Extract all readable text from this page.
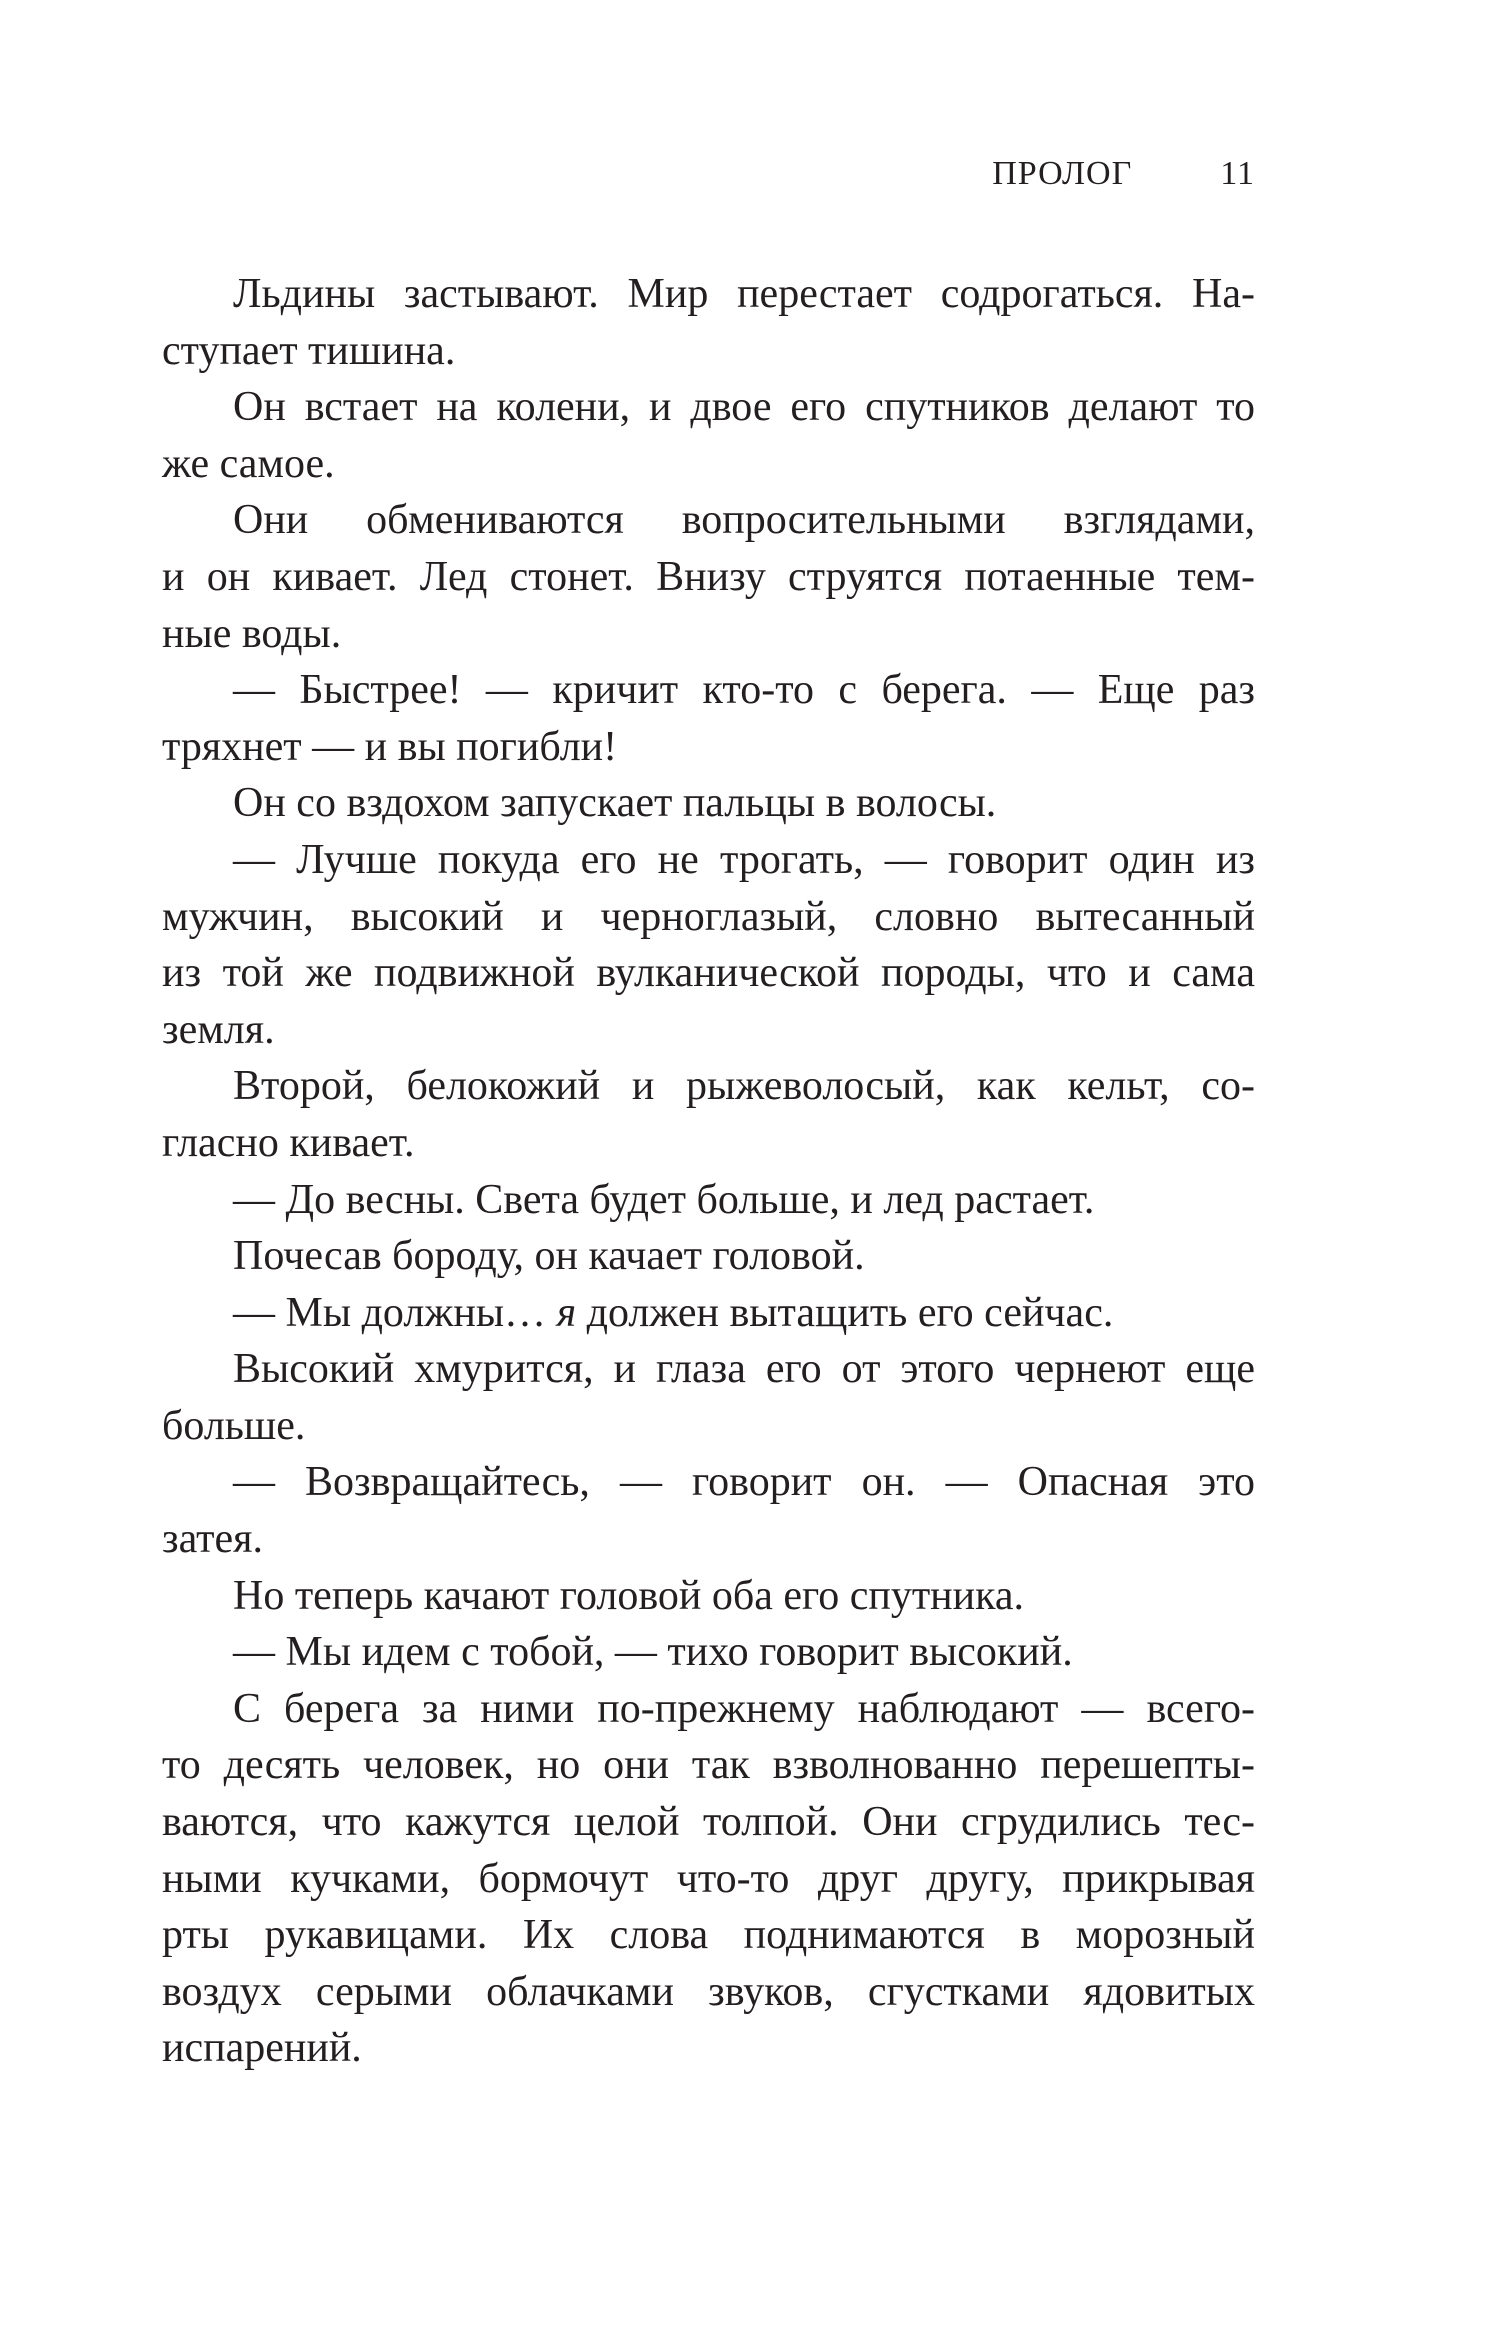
ПРОЛОГ	11
Льдины застывают. Мир перестает содрогаться. На-
ступает тишина.
Он встает на колени, и двое его спутников делают то
же самое.
Они обмениваются вопросительными взглядами,
и он кивает. Лед стонет. Внизу струятся потаенные тем-
ные воды.
— Быстрее! — кричит кто-то с берега. — Еще раз
тряхнет — и вы погибли!
Он со вздохом запускает пальцы в волосы.
— Лучше покуда его не трогать, — говорит один из
мужчин, высокий и черноглазый, словно вытесанный
из той же подвижной вулканической породы, что и сама
земля.
Второй, белокожий и рыжеволосый, как кельт, со-
гласно кивает.
— До весны. Света будет больше, и лед растает.
Почесав бороду, он качает головой.
— Мы должны… я должен вытащить его сейчас.
Высокий хмурится, и глаза его от этого чернеют еще
больше.
— Возвращайтесь, — говорит он. — Опасная это
затея.
Но теперь качают головой оба его спутника.
— Мы идем с тобой, — тихо говорит высокий.
С берега за ними по-прежнему наблюдают — всего-
то десять человек, но они так взволнованно перешепты-
ваются, что кажутся целой толпой. Они сгрудились тес-
ными кучками, бормочут что-то друг другу, прикрывая
рты рукавицами. Их слова поднимаются в морозный
воздух серыми облачками звуков, сгустками ядовитых
испарений.
